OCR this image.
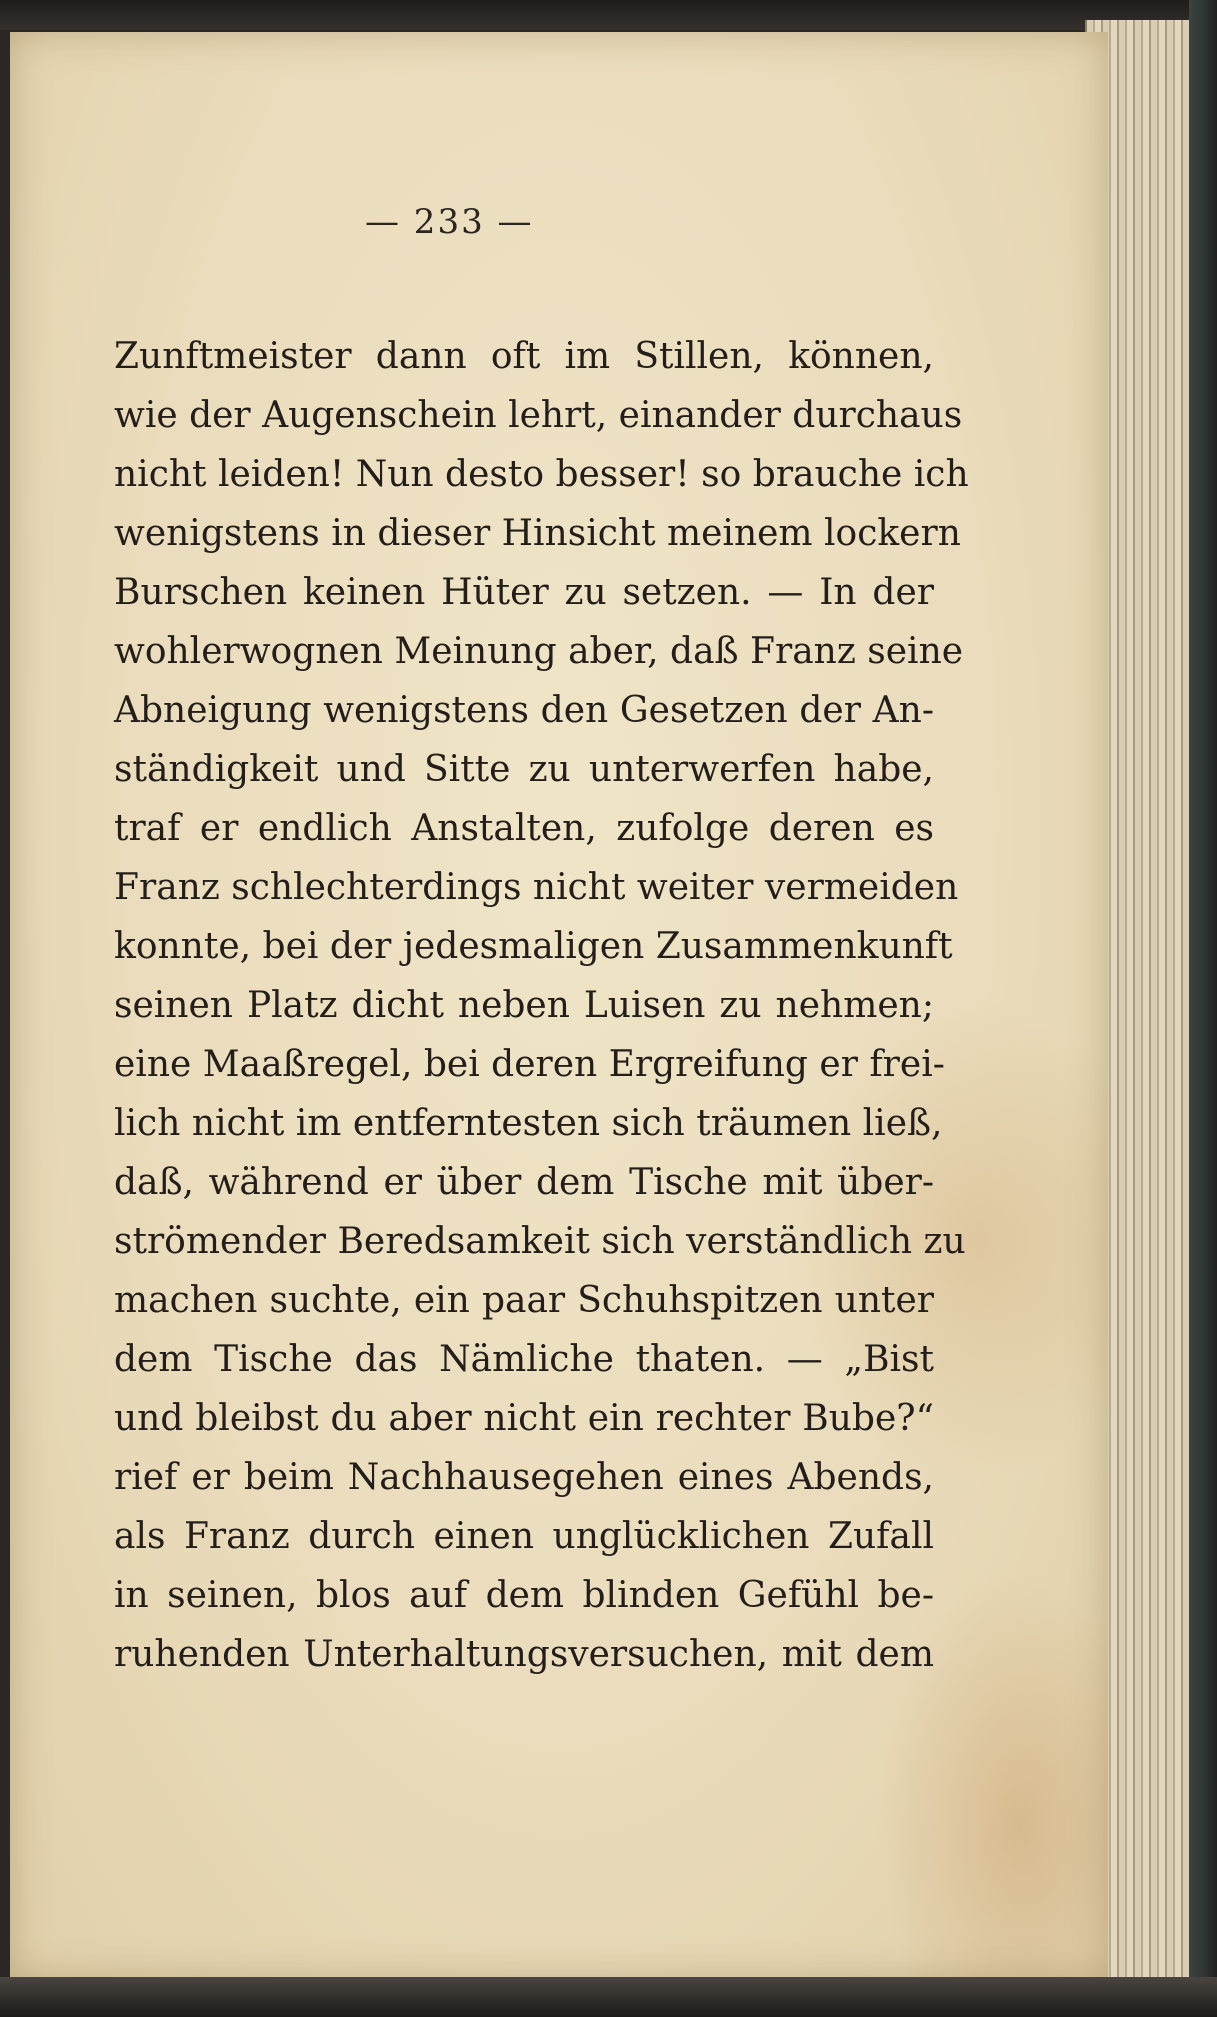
— 233 —
Zunftmeister dann oft im Stillen, können,
wie der Augenschein lehrt, einander durchaus
nicht leiden! Nun desto besser! so brauche ich
wenigstens in dieser Hinsicht meinem lockern
Burschen keinen Hüter zu setzen. — In der
wohlerwognen Meinung aber, daß Franz seine
Abneigung wenigstens den Gesetzen der An-
ständigkeit und Sitte zu unterwerfen habe,
traf er endlich Anstalten, zufolge deren es
Franz schlechterdings nicht weiter vermeiden
konnte, bei der jedesmaligen Zusammenkunft
seinen Platz dicht neben Luisen zu nehmen;
eine Maaßregel, bei deren Ergreifung er frei-
lich nicht im entferntesten sich träumen ließ,
daß, während er über dem Tische mit über-
strömender Beredsamkeit sich verständlich zu
machen suchte, ein paar Schuhspitzen unter
dem Tische das Nämliche thaten. — „Bist
und bleibst du aber nicht ein rechter Bube?“
rief er beim Nachhausegehen eines Abends,
als Franz durch einen unglücklichen Zufall
in seinen, blos auf dem blinden Gefühl be-
ruhenden Unterhaltungsversuchen, mit dem
